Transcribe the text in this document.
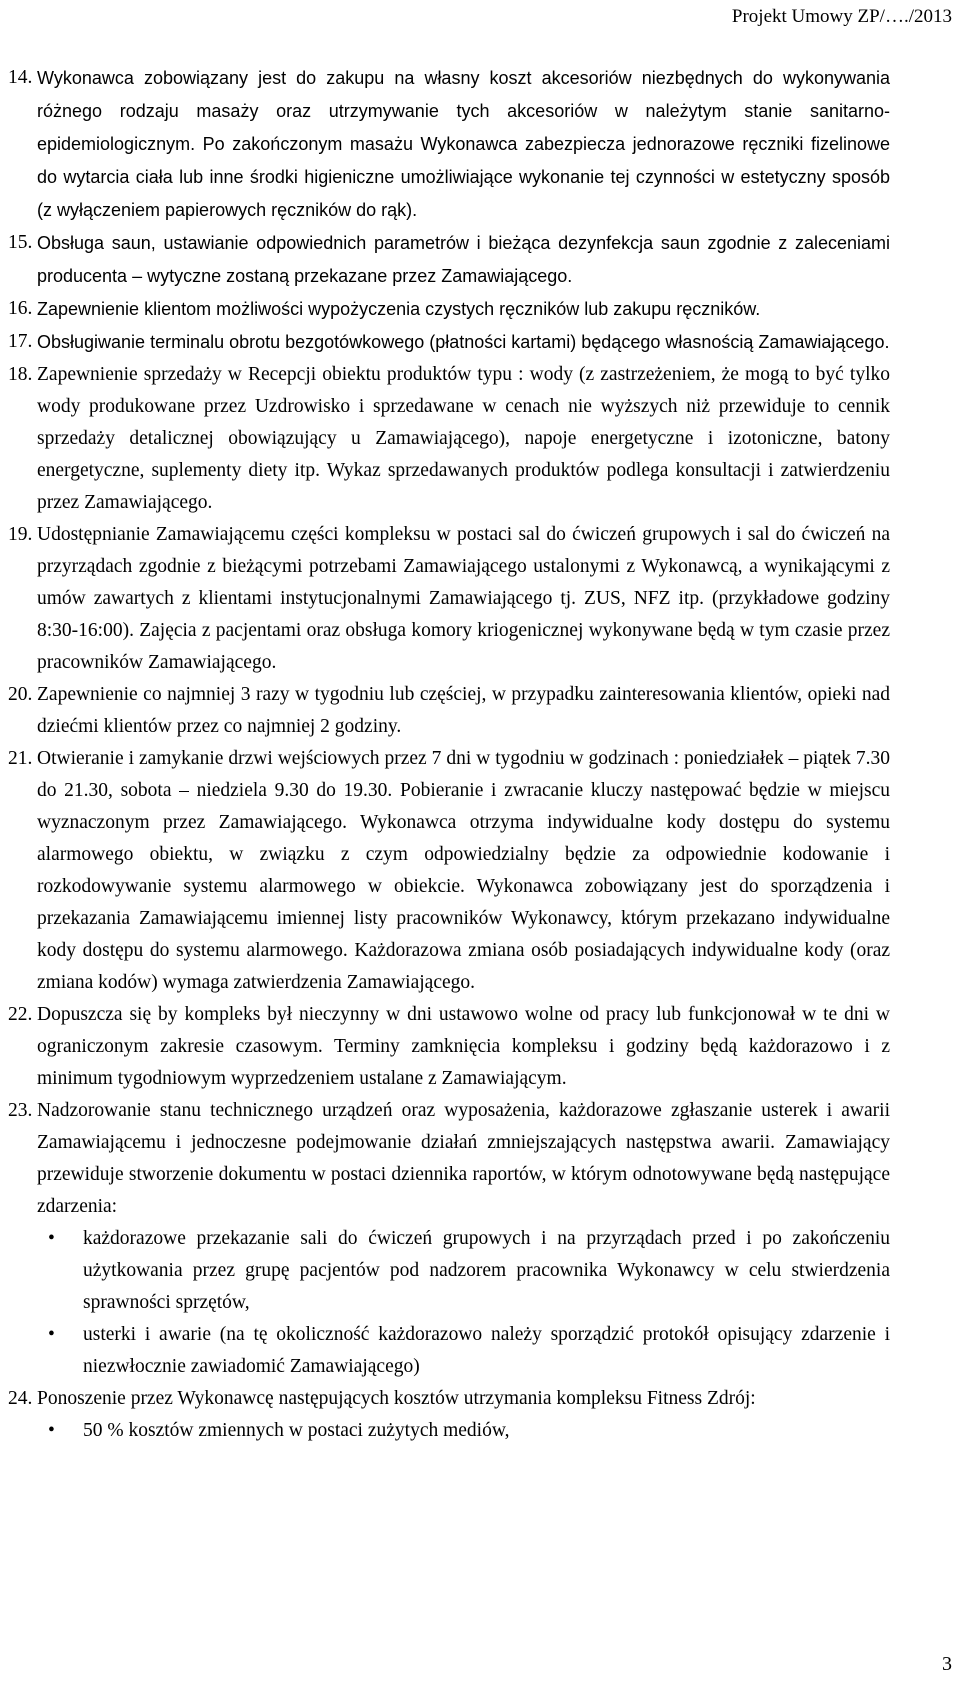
Projekt Umowy ZP/…./2013
14. Wykonawca zobowiązany jest do zakupu na własny koszt akcesoriów niezbędnych do wykonywania różnego rodzaju masaży oraz utrzymywanie tych akcesoriów w należytym stanie sanitarno-epidemiologicznym. Po zakończonym masażu Wykonawca zabezpiecza jednorazowe ręczniki fizelinowe do wytarcia ciała lub inne środki higieniczne umożliwiające wykonanie tej czynności w estetyczny sposób (z wyłączeniem papierowych ręczników do rąk).
15. Obsługa saun, ustawianie odpowiednich parametrów i bieżąca dezynfekcja saun zgodnie z zaleceniami producenta – wytyczne zostaną przekazane przez Zamawiającego.
16. Zapewnienie klientom możliwości wypożyczenia czystych ręczników lub zakupu ręczników.
17. Obsługiwanie terminalu obrotu bezgotówkowego (płatności kartami) będącego własnością Zamawiającego.
18. Zapewnienie sprzedaży w Recepcji obiektu produktów typu : wody (z zastrzeżeniem, że mogą to być tylko wody produkowane przez Uzdrowisko i sprzedawane w cenach nie wyższych niż przewiduje to cennik sprzedaży detalicznej obowiązujący u Zamawiającego), napoje energetyczne i izotoniczne, batony energetyczne, suplementy diety itp. Wykaz sprzedawanych produktów podlega konsultacji i zatwierdzeniu przez Zamawiającego.
19. Udostępnianie Zamawiającemu części kompleksu w postaci sal do ćwiczeń grupowych i sal do ćwiczeń na przyrządach zgodnie z bieżącymi potrzebami Zamawiającego ustalonymi z Wykonawcą, a wynikającymi z umów zawartych z klientami instytucjonalnymi Zamawiającego tj. ZUS, NFZ itp. (przykładowe godziny 8:30-16:00). Zajęcia z pacjentami oraz obsługa komory kriogenicznej wykonywane będą w tym czasie przez pracowników Zamawiającego.
20. Zapewnienie co najmniej 3 razy w tygodniu lub częściej, w przypadku zainteresowania klientów, opieki nad dziećmi klientów przez co najmniej 2 godziny.
21. Otwieranie i zamykanie drzwi wejściowych przez 7 dni w tygodniu w godzinach : poniedziałek – piątek 7.30 do 21.30, sobota – niedziela 9.30 do 19.30. Pobieranie i zwracanie kluczy następować będzie w miejscu wyznaczonym przez Zamawiającego. Wykonawca otrzyma indywidualne kody dostępu do systemu alarmowego obiektu, w związku z czym odpowiedzialny będzie za odpowiednie kodowanie i rozkodowywanie systemu alarmowego w obiekcie. Wykonawca zobowiązany jest do sporządzenia i przekazania Zamawiającemu imiennej listy pracowników Wykonawcy, którym przekazano indywidualne kody dostępu do systemu alarmowego. Każdorazowa zmiana osób posiadających indywidualne kody (oraz zmiana kodów) wymaga zatwierdzenia Zamawiającego.
22. Dopuszcza się by kompleks był nieczynny w dni ustawowo wolne od pracy lub funkcjonował w te dni w ograniczonym zakresie czasowym. Terminy zamknięcia kompleksu i godziny będą każdorazowo i z minimum tygodniowym wyprzedzeniem ustalane z Zamawiającym.
23. Nadzorowanie stanu technicznego urządzeń oraz wyposażenia, każdorazowe zgłaszanie usterek i awarii Zamawiającemu i jednoczesne podejmowanie działań zmniejszających następstwa awarii. Zamawiający przewiduje stworzenie dokumentu w postaci dziennika raportów, w którym odnotowywane będą następujące zdarzenia:
• każdorazowe przekazanie sali do ćwiczeń grupowych i na przyrządach przed i po zakończeniu użytkowania przez grupę pacjentów pod nadzorem pracownika Wykonawcy w celu stwierdzenia sprawności sprzętów,
• usterki i awarie (na tę okoliczność każdorazowo należy sporządzić protokół opisujący zdarzenie i niezwłocznie zawiadomić Zamawiającego)
24. Ponoszenie przez Wykonawcę następujących kosztów utrzymania kompleksu Fitness Zdrój:
• 50 % kosztów zmiennych w postaci zużytych mediów,
3
